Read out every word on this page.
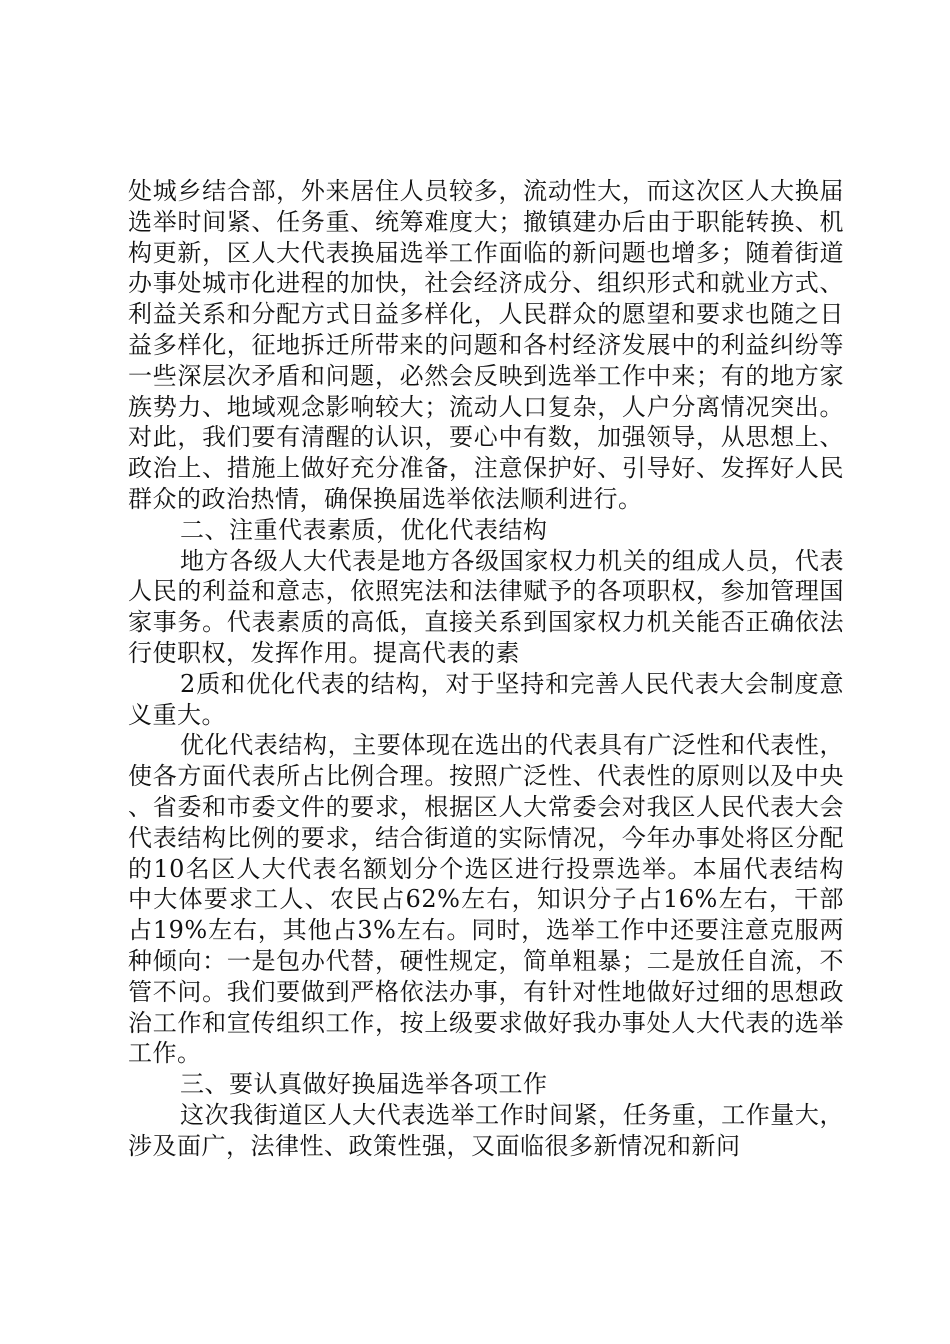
处城乡结合部，外来居住人员较多，流动性大，而这次区人大换届选举时间紧、任务重、统筹难度大；撤镇建办后由于职能转换、机构更新，区人大代表换届选举工作面临的新问题也增多；随着街道办事处城市化进程的加快，社会经济成分、组织形式和就业方式、利益关系和分配方式日益多样化，人民群众的愿望和要求也随之日益多样化，征地拆迁所带来的问题和各村经济发展中的利益纠纷等一些深层次矛盾和问题，必然会反映到选举工作中来；有的地方家族势力、地域观念影响较大；流动人口复杂，人户分离情况突出。对此，我们要有清醒的认识，要心中有数，加强领导，从思想上、政治上、措施上做好充分准备，注意保护好、引导好、发挥好人民群众的政治热情，确保换届选举依法顺利进行。

二、注重代表素质，优化代表结构

地方各级人大代表是地方各级国家权力机关的组成人员，代表人民的利益和意志，依照宪法和法律赋予的各项职权，参加管理国家事务。代表素质的高低，直接关系到国家权力机关能否正确依法行使职权，发挥作用。提高代表的素

2质和优化代表的结构，对于坚持和完善人民代表大会制度意义重大。

优化代表结构，主要体现在选出的代表具有广泛性和代表性，使各方面代表所占比例合理。按照广泛性、代表性的原则以及中央、省委和市委文件的要求，根据区人大常委会对我区人民代表大会代表结构比例的要求，结合街道的实际情况，今年办事处将区分配的10名区人大代表名额划分个选区进行投票选举。本届代表结构中大体要求工人、农民占62%左右，知识分子占16%左右，干部占19%左右，其他占3%左右。同时，选举工作中还要注意克服两种倾向：一是包办代替，硬性规定，简单粗暴；二是放任自流，不管不问。我们要做到严格依法办事，有针对性地做好过细的思想政治工作和宣传组织工作，按上级要求做好我办事处人大代表的选举工作。

三、要认真做好换届选举各项工作

这次我街道区人大代表选举工作时间紧，任务重，工作量大，涉及面广，法律性、政策性强，又面临很多新情况和新问
